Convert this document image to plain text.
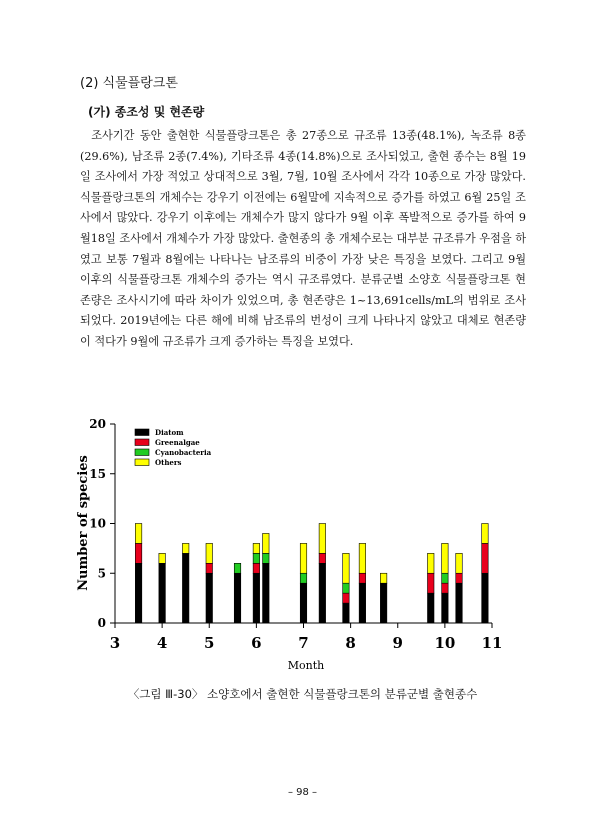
(2) 식물플랑크톤
(가) 종조성 및 현존량

조사기간 동안 출현한 식물플랑크톤은 총 27종으로 규조류 13종(48.1%), 녹조류 8종(29.6%), 남조류 2종(7.4%), 기타조류 4종(14.8%)으로 조사되었고, 출현 종수는 8월 19일 조사에서 가장 적었고 상대적으로 3월, 7월, 10월 조사에서 각각 10종으로 가장 많았다. 식물플랑크톤의 개체수는 강우기 이전에는 6월말에 지속적으로 증가를 하였고 6월 25일 조사에서 많았다. 강우기 이후에는 개체수가 많지 않다가 9월 이후 폭발적으로 증가를 하여 9월18일 조사에서 개체수가 가장 많았다. 출현종의 총 개체수로는 대부분 규조류가 우점을 하였고 보통 7월과 8월에는 나타나는 남조류의 비중이 가장 낮은 특징을 보였다. 그리고 9월 이후의 식물플랑크톤 개체수의 증가는 역시 규조류였다. 분류군별 소양호 식물플랑크톤 현존량은 조사시기에 따라 차이가 있었으며, 총 현존량은 1~13,691cells/mL의 범위로 조사되었다. 2019년에는 다른 해에 비해 남조류의 번성이 크게 나타나지 않았고 대체로 현존량이 적다가 9월에 규조류가 크게 증가하는 특징을 보였다.

Number of species
Month
0
5
10
15
20
3 4 5 6 7 8 9 10 11
Diatom
Greenalgae
Cyanobacteria
Others
〈그림 Ⅲ-30〉 소양호에서 출현한 식물플랑크톤의 분류군별 출현종수
– 98 –
